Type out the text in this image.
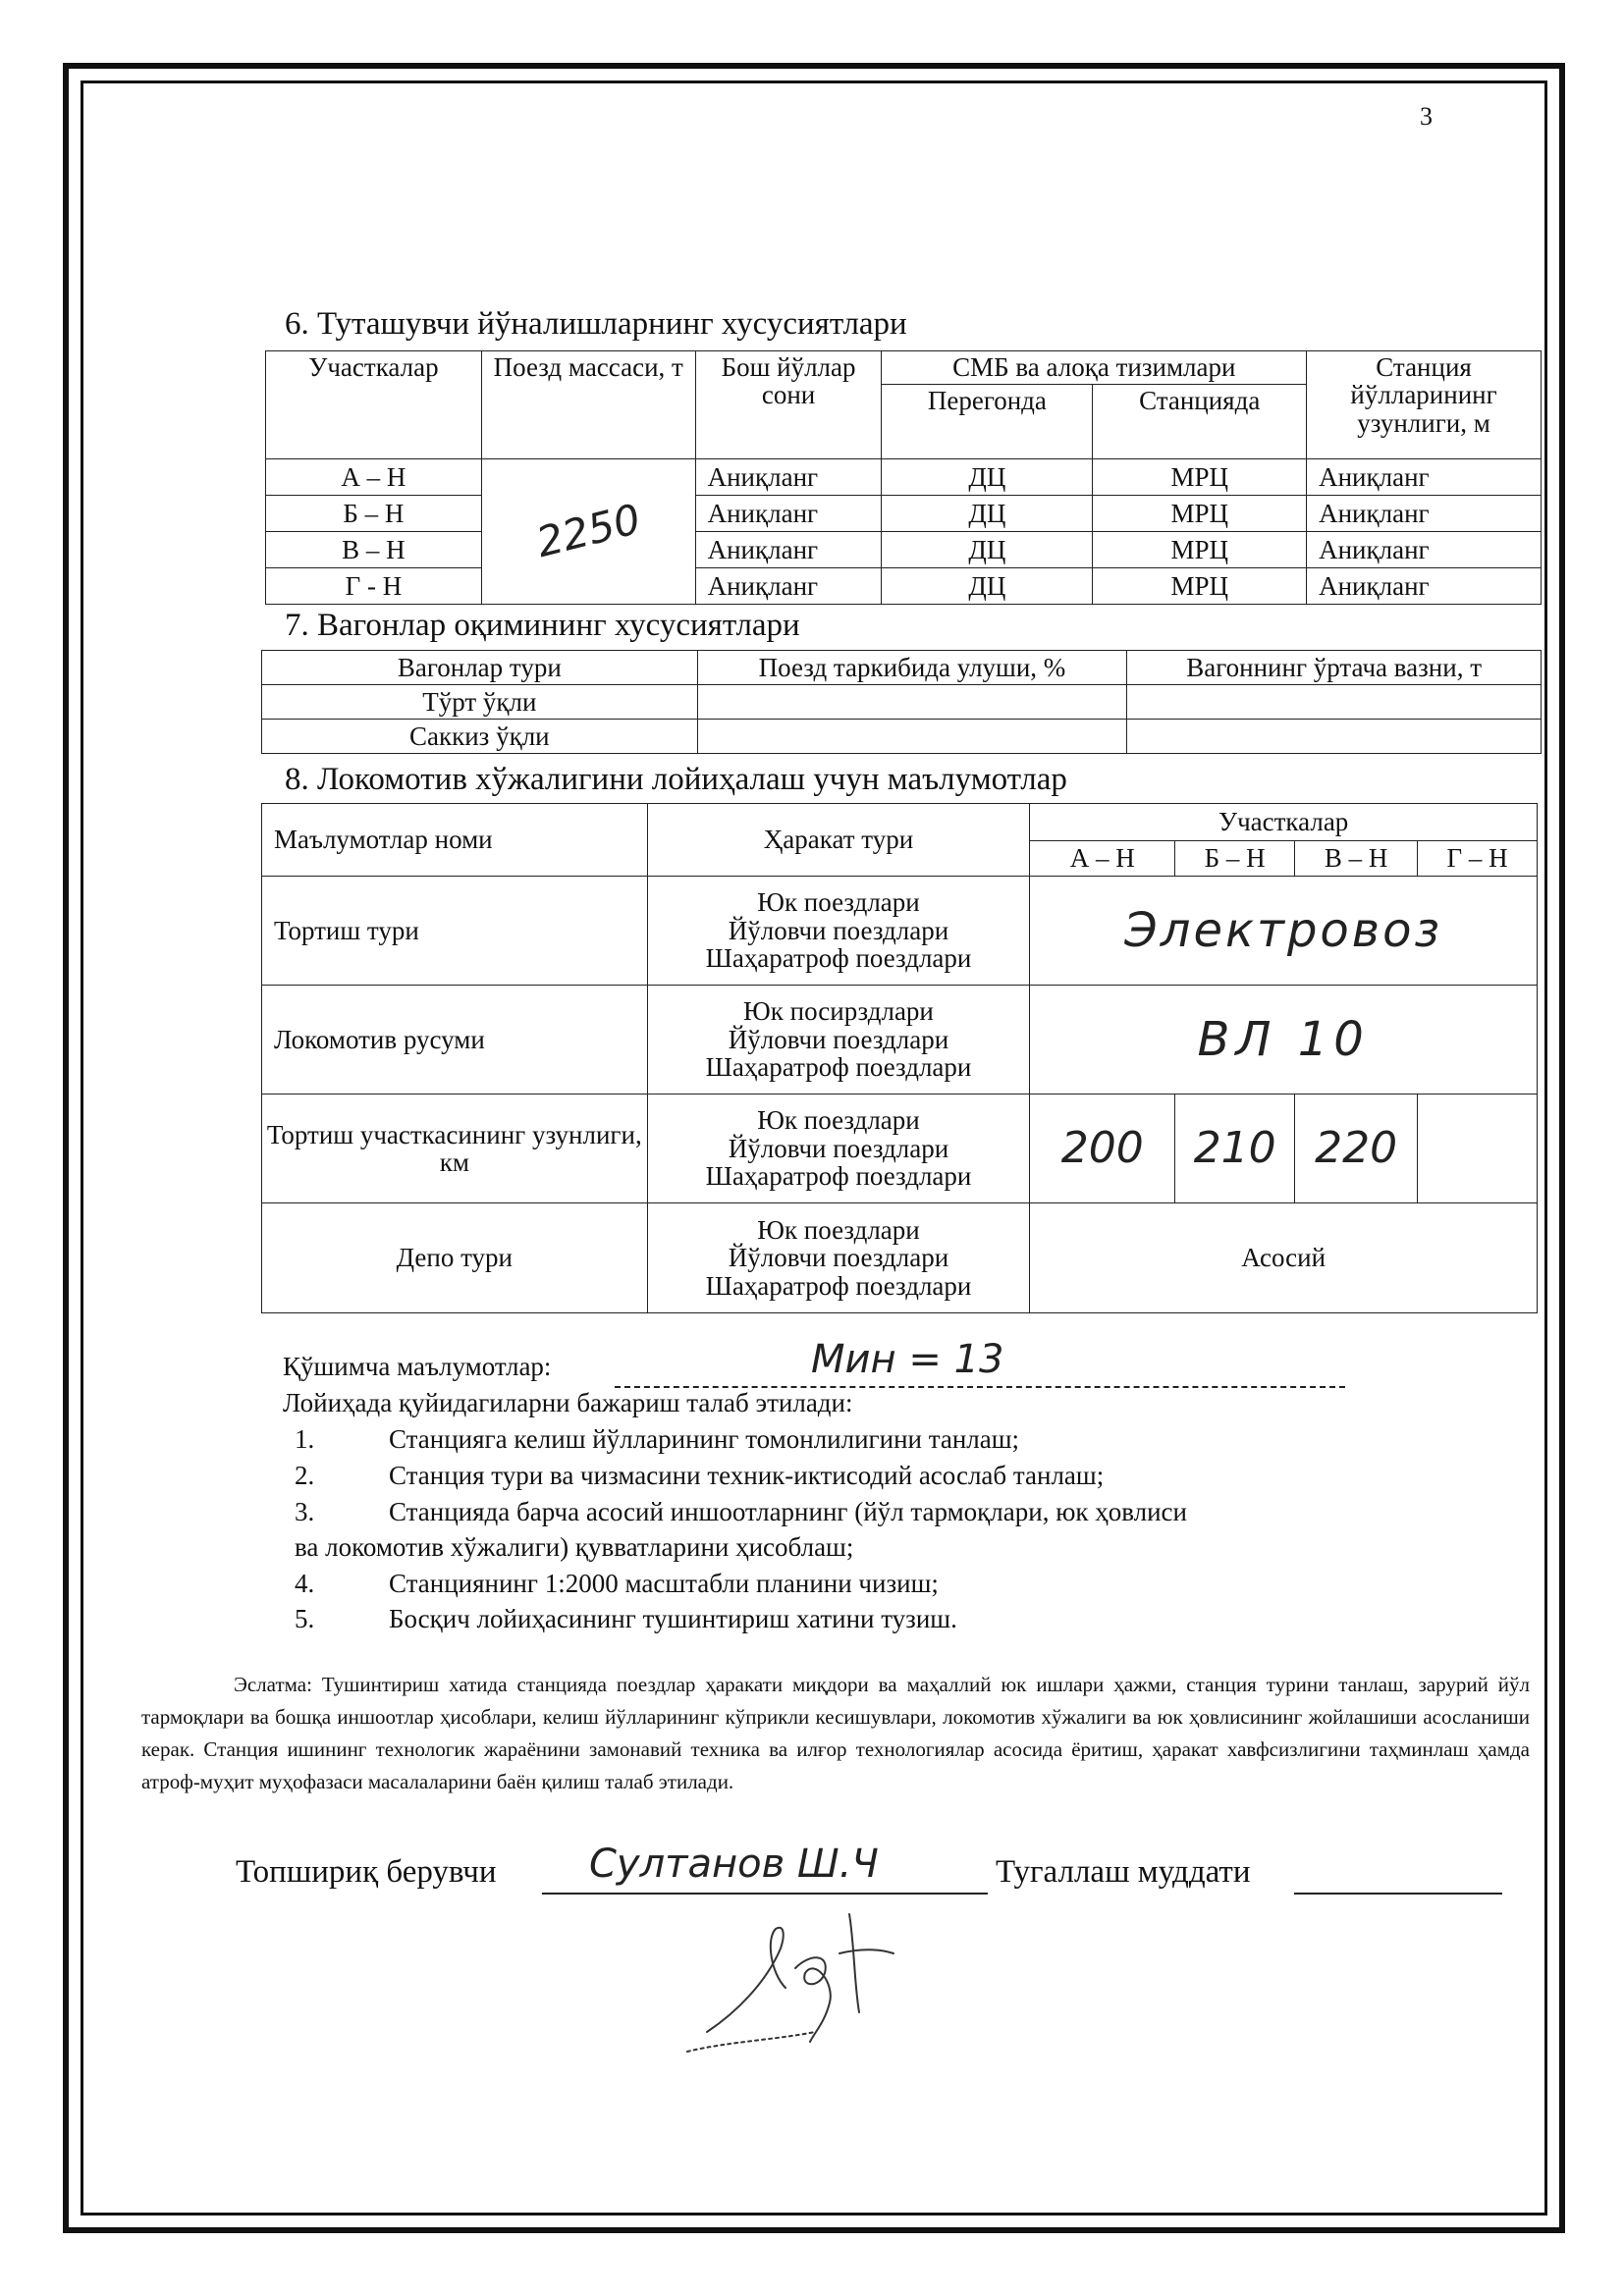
3
6. Туташувчи йўналишларнинг хусусиятлари
Участкалар	Поезд массаси, т	Бош йўллар сони	СМБ ва алоқа тизимлари		Станция йўлларининг узунлиги, м
			Перегонда	Станцияда	
А – Н	2250	Аниқланг	ДЦ	МРЦ	Аниқланг
Б – Н		Аниқланг	ДЦ	МРЦ	Аниқланг
В – Н		Аниқланг	ДЦ	МРЦ	Аниқланг
Г - Н		Аниқланг	ДЦ	МРЦ	Аниқланг
7. Вагонлар оқимининг хусусиятлари
Вагонлар тури	Поезд таркибида улуши, %	Вагоннинг ўртача вазни, т
Тўрт ўқли		
Саккиз ўқли		
8. Локомотив хўжалигини лойиҳалаш учун маълумотлар
Маълумотлар номи	Ҳаракат тури	Участкалар			
		А – Н	Б – Н	В – Н	Г – Н
Тортиш тури	Юк поездлари
Йўловчи поездлари
Шаҳаратроф поездлари	Электровоз			
Локомотив русуми	Юк посирздлари
Йўловчи поездлари
Шаҳаратроф поездлари	ВЛ 10			
Тортиш участкасининг узунлиги, км	Юк поездлари
Йўловчи поездлари
Шаҳаратроф поездлари	200	210	220	
Депо тури	Юк поездлари
Йўловчи поездлари
Шаҳаратроф поездлари	Асосий			
Қўшимча маълумотлар:	Мин = 13
Лойиҳада қуйидагиларни бажариш талаб этилади:
1.	Станцияга келиш йўлларининг томонлилигини танлаш;
2.	Станция тури ва чизмасини техник-иктисодий асослаб танлаш;
3.	Станцияда барча асосий иншоотларнинг (йўл тармоқлари, юк ҳовлиси
ва локомотив хўжалиги) қувватларини ҳисоблаш;
4.	Станциянинг 1:2000 масштабли планини чизиш;
5.	Босқич лойиҳасининг тушинтириш хатини тузиш.
Эслатма: Тушинтириш хатида станцияда поездлар ҳаракати миқдори ва маҳаллий юк ишлари ҳажми, станция турини танлаш, зарурий йўл тармоқлари ва бошқа иншоотлар ҳисоблари, келиш йўлларининг кўприкли кесишувлари, локомотив хўжалиги ва юк ҳовлисининг жойлашиши асосланиши керак. Станция ишининг технологик жараёнини замонавий техника ва илғор технологиялар асосида ёритиш, ҳаракат хавфсизлигини таҳминлаш ҳамда атроф-муҳит муҳофазаси масалаларини баён қилиш талаб этилади.
Топшириқ берувчи Султанов Ш.Ч	Тугаллаш муддати
